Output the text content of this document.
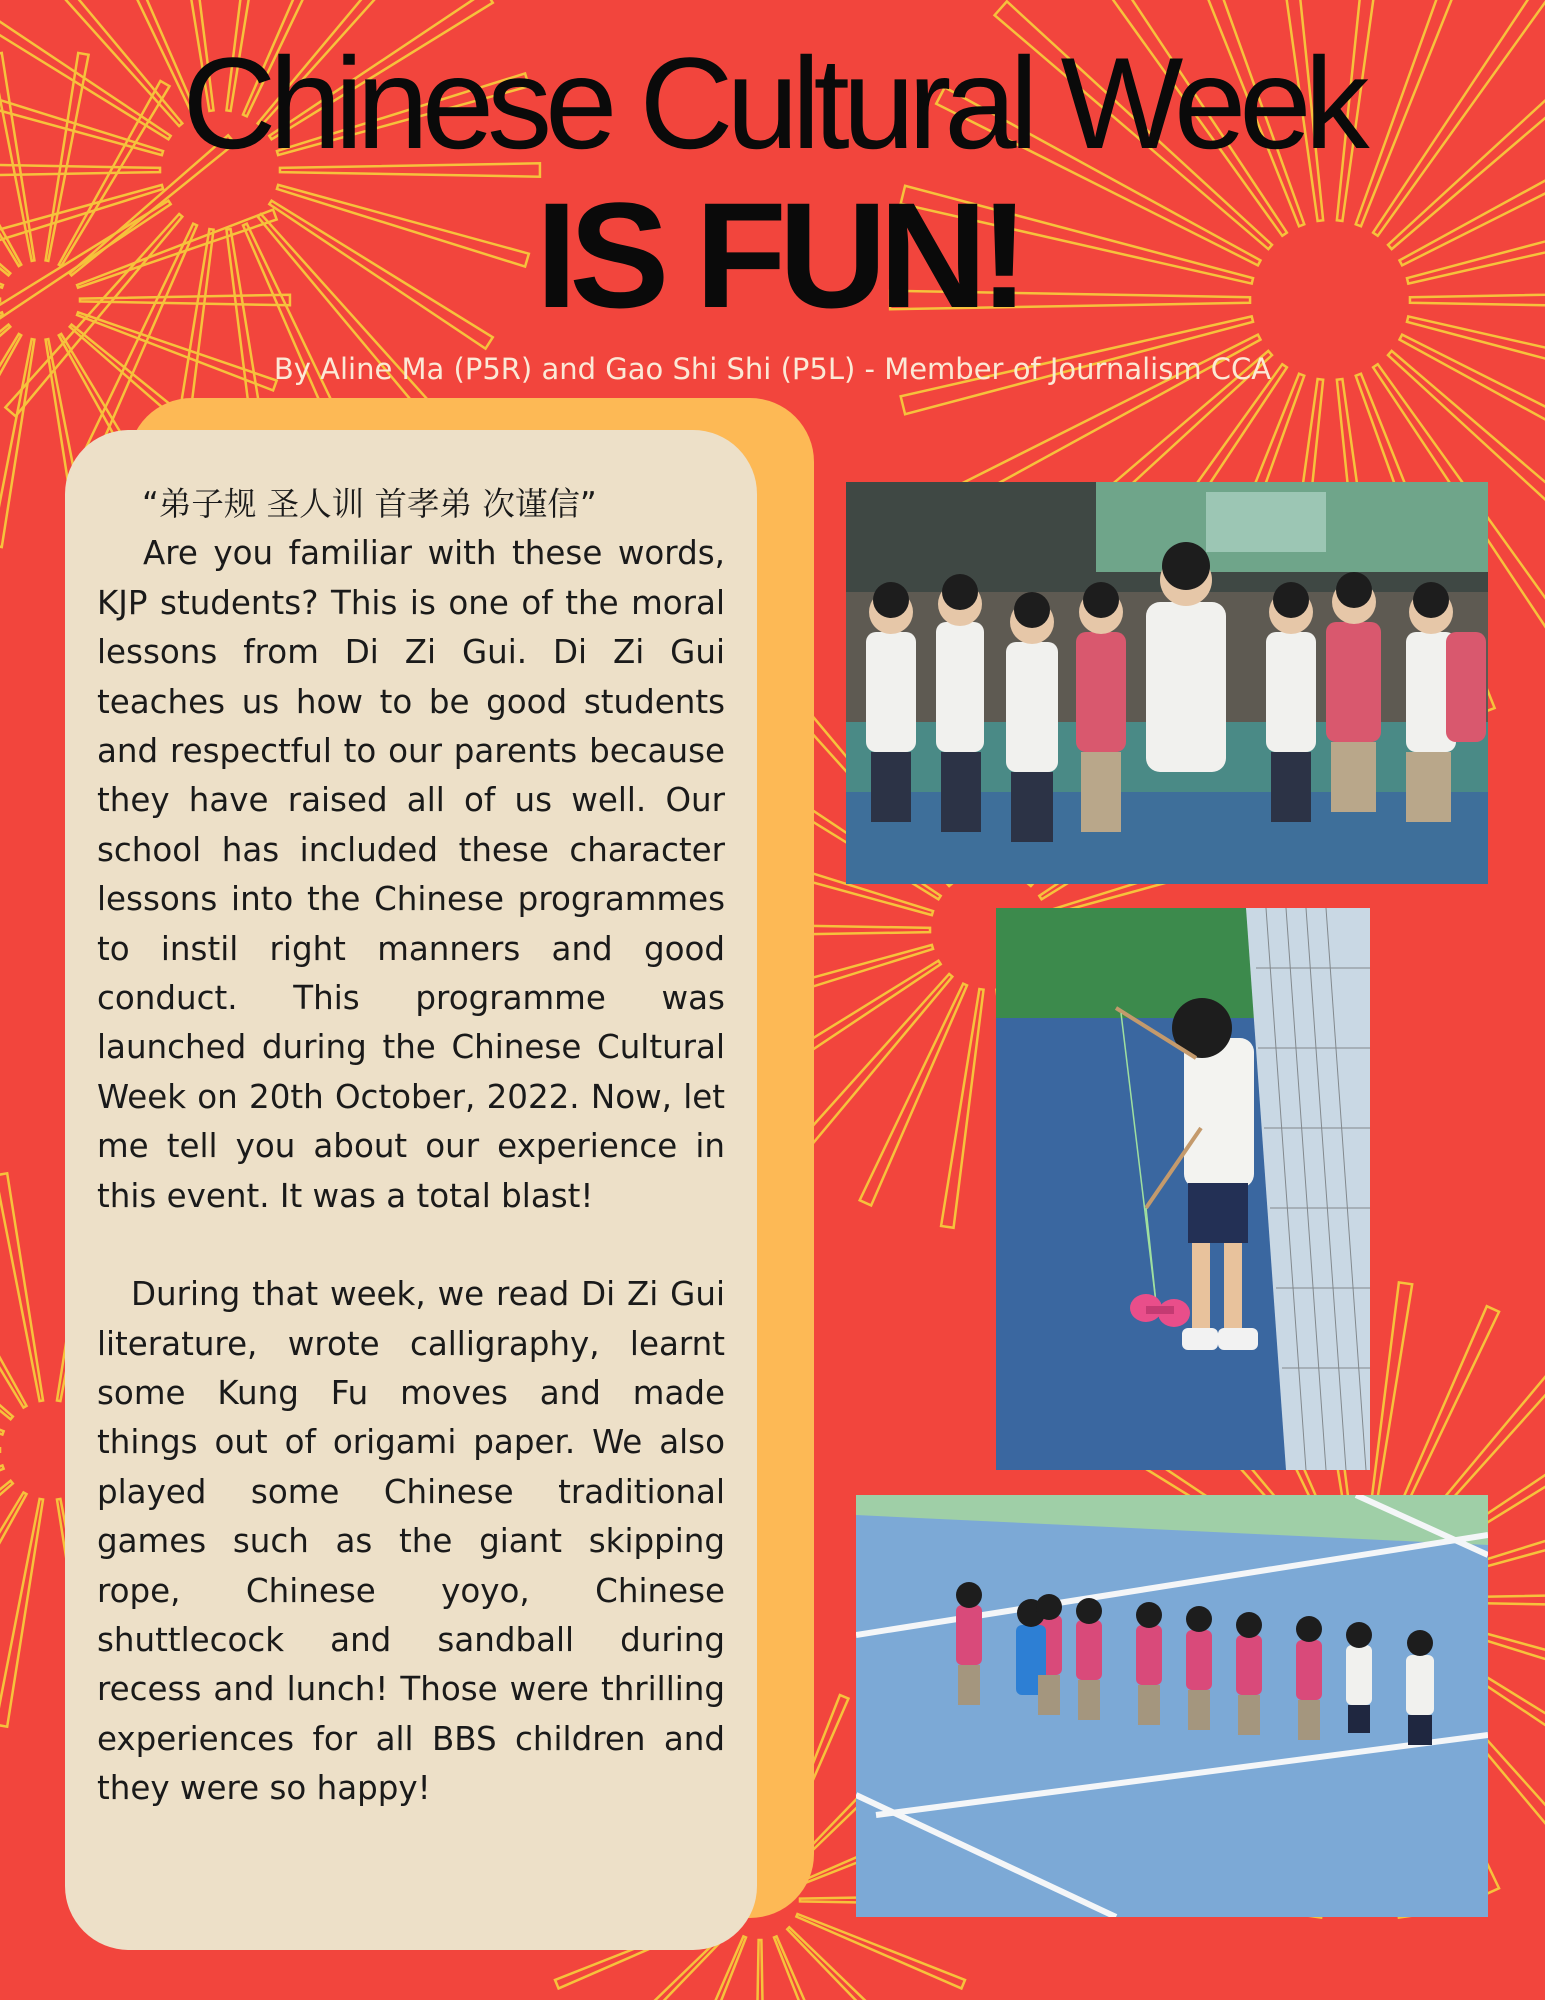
Chinese Cultural Week
IS FUN!
By Aline Ma (P5R) and Gao Shi Shi (P5L) - Member of Journalism CCA

“弟子规 圣人训 首孝弟 次谨信”

Are you familiar with these words, KJP students? This is one of the moral lessons from Di Zi Gui. Di Zi Gui teaches us how to be good students and respectful to our parents because they have raised all of us well. Our school has included these character lessons into the Chinese programmes to instil right manners and good conduct. This programme was launched during the Chinese Cultural Week on 20th October, 2022. Now, let me tell you about our experience in this event. It was a total blast!

During that week, we read Di Zi Gui literature, wrote calligraphy, learnt some Kung Fu moves and made things out of origami paper. We also played some Chinese traditional games such as the giant skipping rope, Chinese yoyo, Chinese shuttlecock and sandball during recess and lunch! Those were thrilling experiences for all BBS children and they were so happy!
